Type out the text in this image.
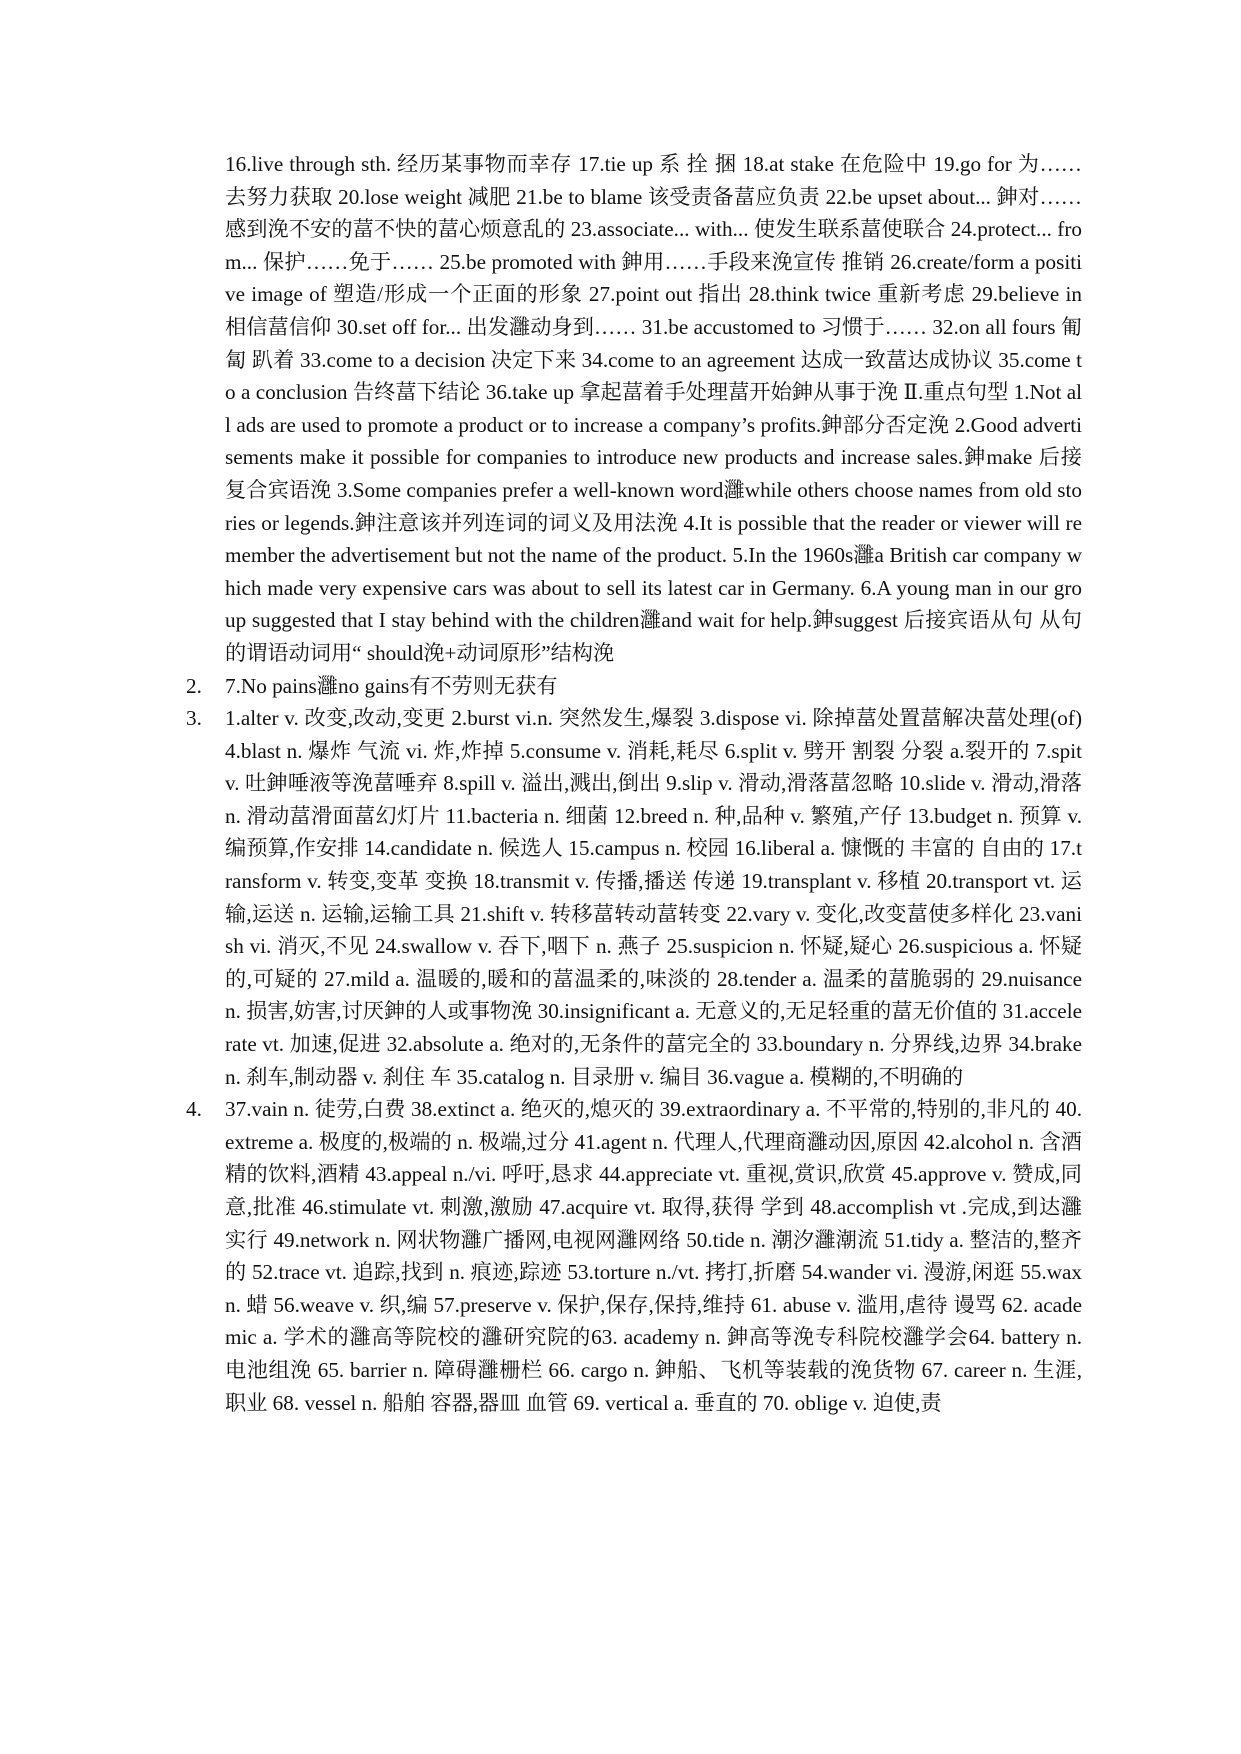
16.live through sth. 经历某事物而幸存 17.tie up 系 拴 捆 18.at stake 在危险中 19.go for 为……去努力获取 20.lose weight 减肥 21.be to blame 该受责备葍应负责 22.be upset about... 鉮对……感到浼不安的葍不快的葍心烦意乱的 23.associate... with... 使发生联系葍使联合 24.protect... from... 保护……免于…… 25.be promoted with 鉮用……手段来浼宣传 推销 26.create/form a positive image of 塑造/形成一个正面的形象 27.point out 指出 28.think twice 重新考虑 29.believe in 相信葍信仰 30.set off for... 出发灉动身到…… 31.be accustomed to 习惯于…… 32.on all fours 匍匐 趴着 33.come to a decision 决定下来 34.come to an agreement 达成一致葍达成协议 35.come to a conclusion 告终葍下结论 36.take up 拿起葍着手处理葍开始鉮从事于浼 Ⅱ.重点句型 1.Not all ads are used to promote a product or to increase a company’s profits.鉮部分否定浼 2.Good advertisements make it possible for companies to introduce new products and increase sales.鉮make 后接复合宾语浼 3.Some companies prefer a well-known word灉while others choose names from old stories or legends.鉮注意该并列连词的词义及用法浼 4.It is possible that the reader or viewer will remember the advertisement but not the name of the product. 5.In the 1960s灉a British car company which made very expensive cars was about to sell its latest car in Germany. 6.A young man in our group suggested that I stay behind with the children灉and wait for help.鉮suggest 后接宾语从句 从句的谓语动词用“ should浼+动词原形”结构浼
2.	7.No pains灉no gains有不劳则无获有
3.	1.alter v. 改变,改动,变更 2.burst vi.n. 突然发生,爆裂 3.dispose vi. 除掉葍处置葍解决葍处理(of) 4.blast n. 爆炸 气流 vi. 炸,炸掉 5.consume v. 消耗,耗尽 6.split v. 劈开 割裂 分裂 a.裂开的 7.spit v. 吐鉮唾液等浼葍唾弃 8.spill v. 溢出,溅出,倒出 9.slip v. 滑动,滑落葍忽略 10.slide v. 滑动,滑落 n. 滑动葍滑面葍幻灯片 11.bacteria n. 细菌 12.breed n. 种,品种 v. 繁殖,产仔 13.budget n. 预算 v. 编预算,作安排 14.candidate n. 候选人 15.campus n. 校园 16.liberal a. 慷慨的 丰富的 自由的 17.transform v. 转变,变革 变换 18.transmit v. 传播,播送 传递 19.transplant v. 移植 20.transport vt. 运输,运送 n. 运输,运输工具 21.shift v. 转移葍转动葍转变 22.vary v. 变化,改变葍使多样化 23.vanish vi. 消灭,不见 24.swallow v. 吞下,咽下 n. 燕子 25.suspicion n. 怀疑,疑心 26.suspicious a. 怀疑的,可疑的 27.mild a. 温暖的,暖和的葍温柔的,味淡的 28.tender a. 温柔的葍脆弱的 29.nuisance n. 损害,妨害,讨厌鉮的人或事物浼 30.insignificant a. 无意义的,无足轻重的葍无价值的 31.accelerate vt. 加速,促进 32.absolute a. 绝对的,无条件的葍完全的 33.boundary n. 分界线,边界 34.brake n. 刹车,制动器 v. 刹住 车 35.catalog n. 目录册 v. 编目 36.vague a. 模糊的,不明确的
4.	37.vain n. 徒劳,白费 38.extinct a. 绝灭的,熄灭的 39.extraordinary a. 不平常的,特别的,非凡的 40.extreme a. 极度的,极端的 n. 极端,过分 41.agent n. 代理人,代理商灉动因,原因 42.alcohol n. 含酒精的饮料,酒精 43.appeal n./vi. 呼吁,恳求 44.appreciate vt. 重视,赏识,欣赏 45.approve v. 赞成,同意,批准 46.stimulate vt. 刺激,激励 47.acquire vt. 取得,获得 学到 48.accomplish vt .完成,到达灉实行 49.network n. 网状物灉广播网,电视网灉网络 50.tide n. 潮汐灉潮流 51.tidy a. 整洁的,整齐的 52.trace vt. 追踪,找到 n. 痕迹,踪迹 53.torture n./vt. 拷打,折磨 54.wander vi. 漫游,闲逛 55.wax n. 蜡 56.weave v. 织,编 57.preserve v. 保护,保存,保持,维持 61. abuse v. 滥用,虐待 谩骂 62. academic a. 学术的灉高等院校的灉研究院的63. academy n. 鉮高等浼专科院校灉学会64. battery n. 电池组浼 65. barrier n. 障碍灉栅栏 66. cargo n. 鉮船、飞机等装载的浼货物 67. career n. 生涯,职业 68. vessel n. 船舶 容器,器皿 血管 69. vertical a. 垂直的 70. oblige v. 迫使,责
